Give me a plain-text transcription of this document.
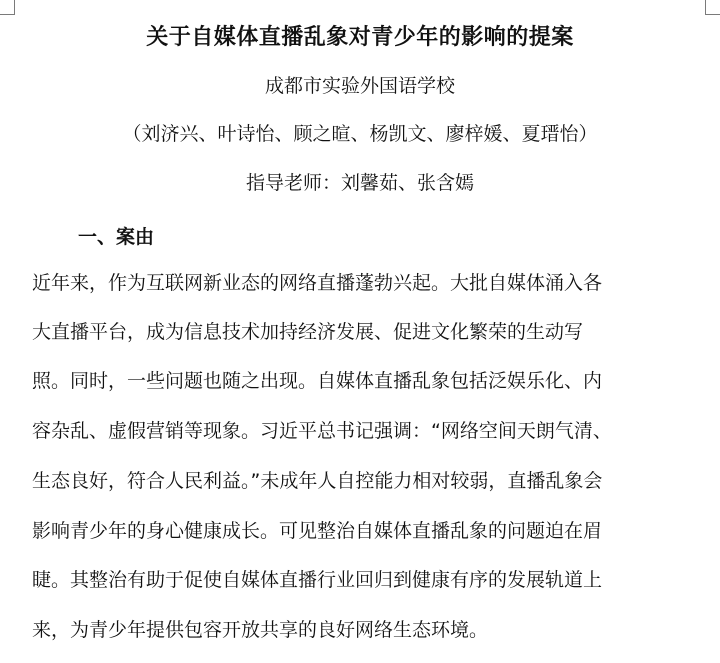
关于自媒体直播乱象对青少年的影响的提案
成都市实验外国语学校
（刘济兴、叶诗怡、顾之暄、杨凯文、廖梓媛、夏瑨怡）
指导老师：刘馨茹、张含嫣
一、案由
近年来，作为互联网新业态的网络直播蓬勃兴起。大批自媒体涌入各
大直播平台，成为信息技术加持经济发展、促进文化繁荣的生动写
照。同时，一些问题也随之出现。自媒体直播乱象包括泛娱乐化、内
容杂乱、虚假营销等现象。习近平总书记强调：“网络空间天朗气清、
生态良好，符合人民利益。”未成年人自控能力相对较弱，直播乱象会
影响青少年的身心健康成长。可见整治自媒体直播乱象的问题迫在眉
睫。其整治有助于促使自媒体直播行业回归到健康有序的发展轨道上
来，为青少年提供包容开放共享的良好网络生态环境。
